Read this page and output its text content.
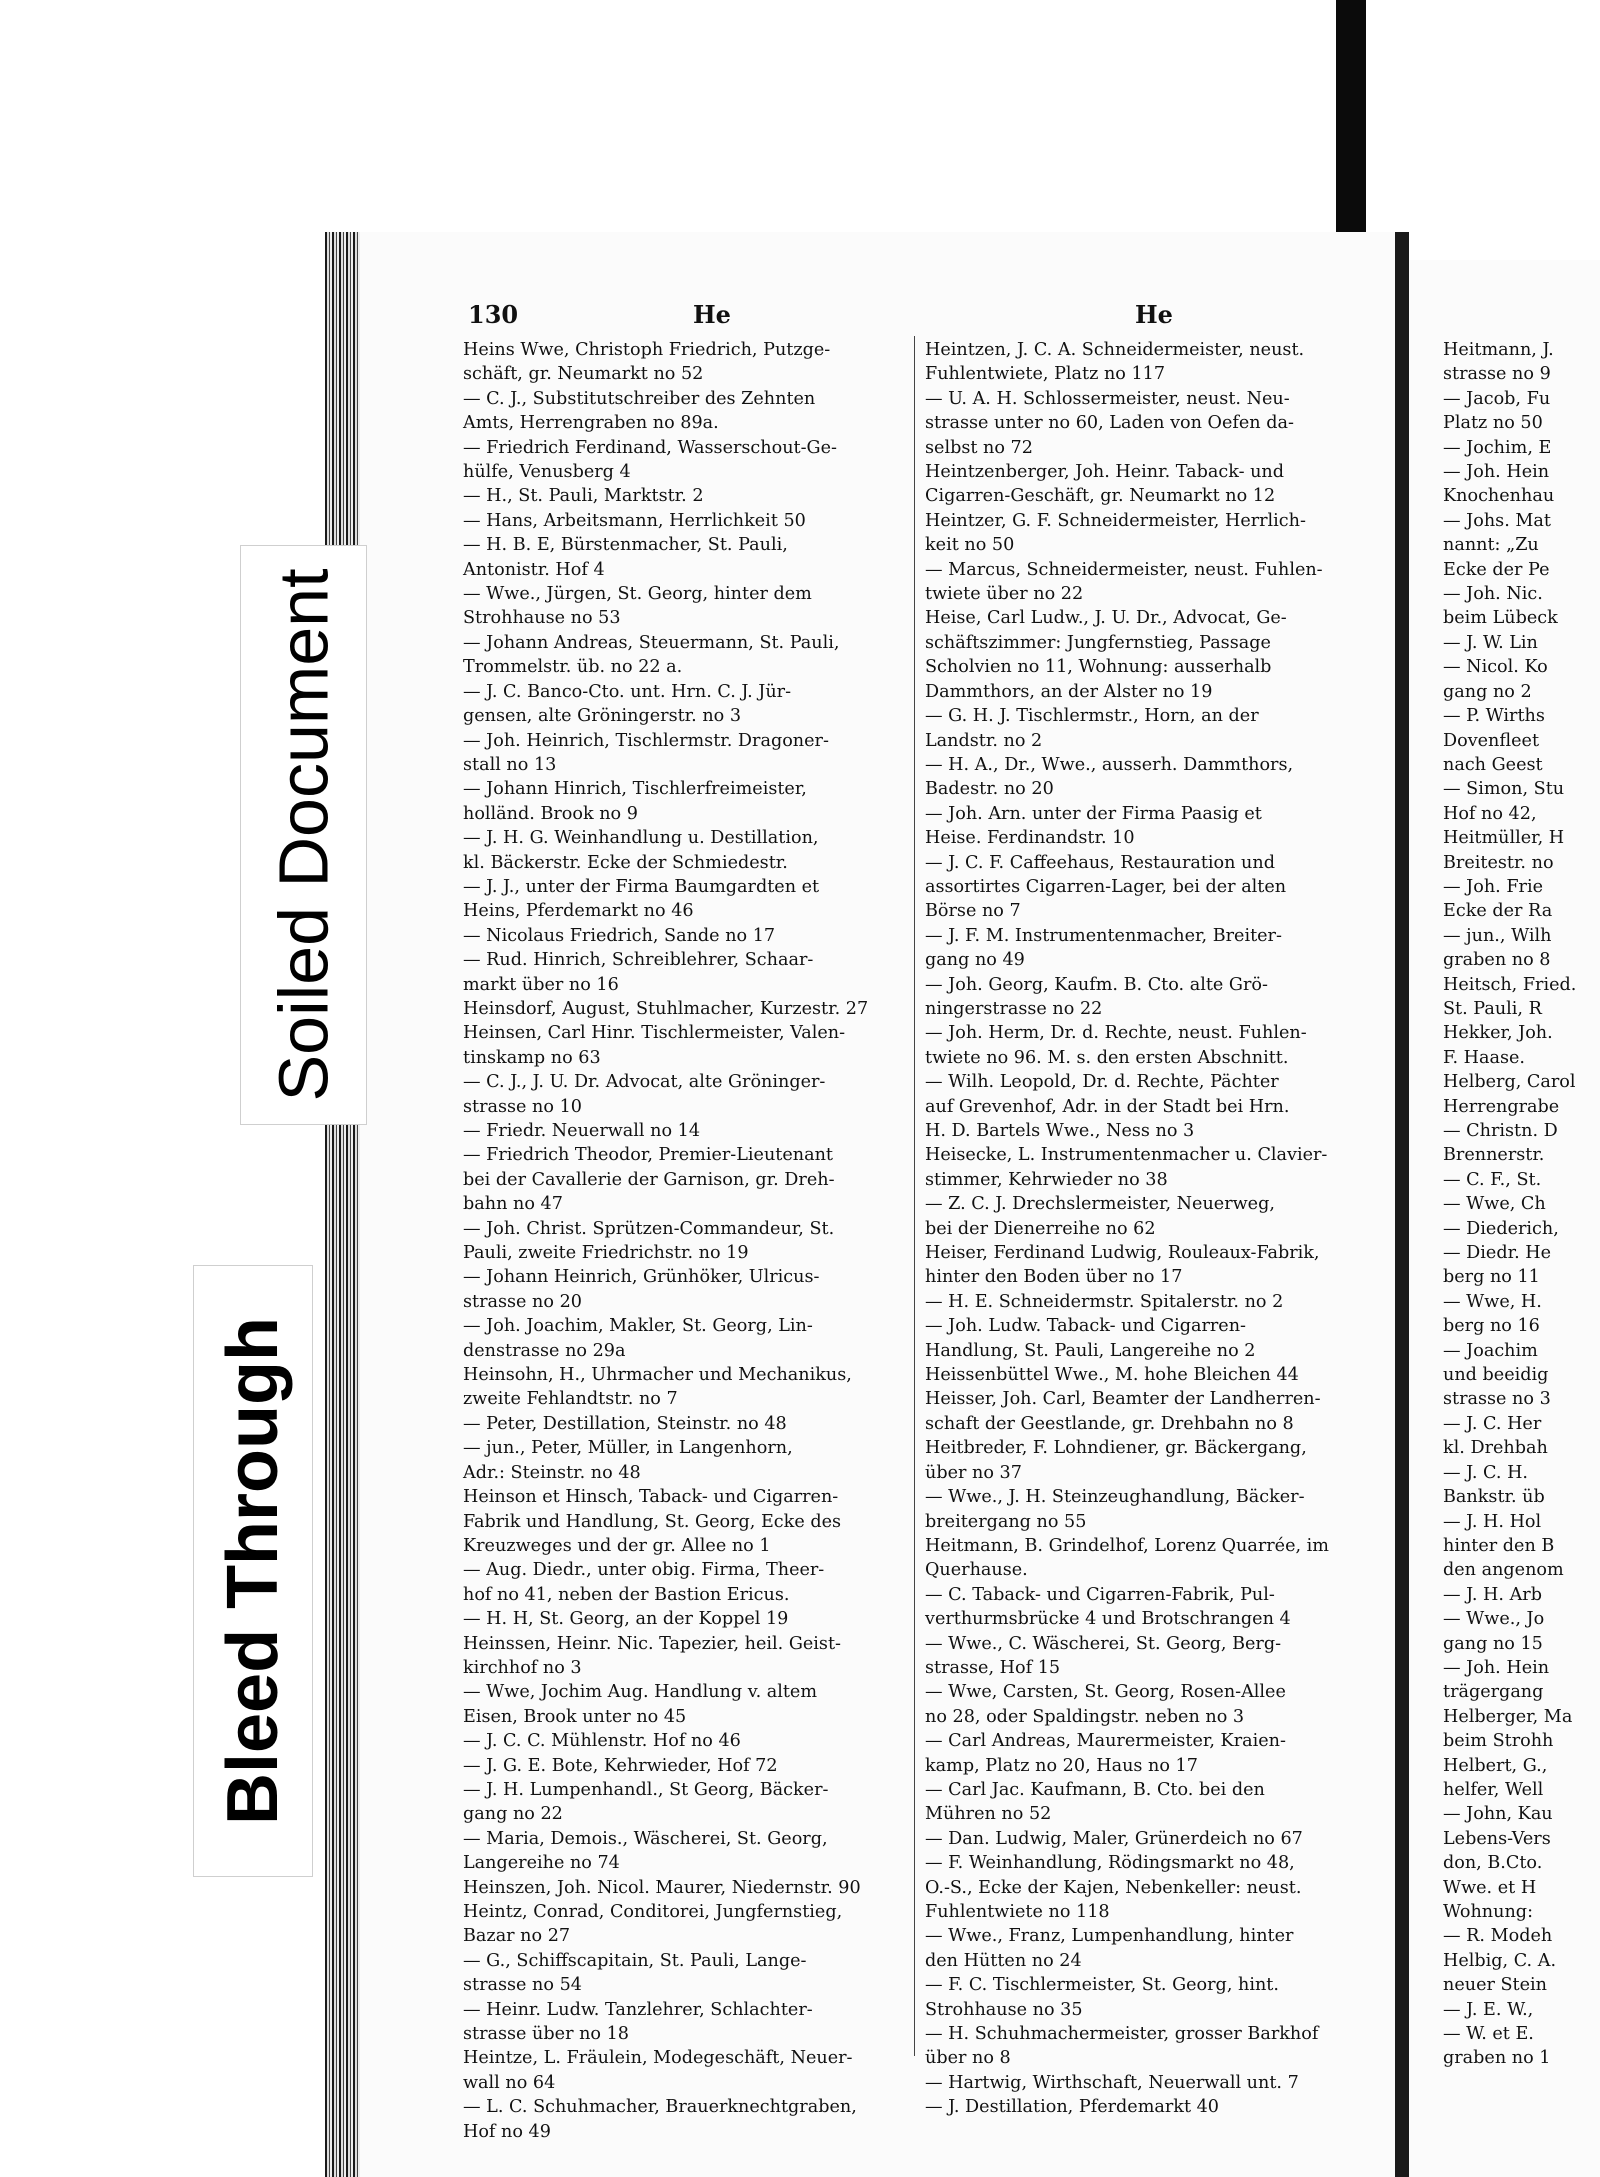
130	He	He
Heins Wwe, Christoph Friedrich, Putzge-
schäft, gr. Neumarkt no 52
— C. J., Substitutschreiber des Zehnten
Amts, Herrengraben no 89a.
— Friedrich Ferdinand, Wasserschout-Ge-
hülfe, Venusberg 4
— H., St. Pauli, Marktstr. 2
— Hans, Arbeitsmann, Herrlichkeit 50
— H. B. E, Bürstenmacher, St. Pauli,
Antonistr. Hof 4
— Wwe., Jürgen, St. Georg, hinter dem
Strohhause no 53
— Johann Andreas, Steuermann, St. Pauli,
Trommelstr. üb. no 22 a.
— J. C. Banco-Cto. unt. Hrn. C. J. Jür-
gensen, alte Gröningerstr. no 3
— Joh. Heinrich, Tischlermstr. Dragoner-
stall no 13
— Johann Hinrich, Tischlerfreimeister,
holländ. Brook no 9
— J. H. G. Weinhandlung u. Destillation,
kl. Bäckerstr. Ecke der Schmiedestr.
— J. J., unter der Firma Baumgardten et
Heins, Pferdemarkt no 46
— Nicolaus Friedrich, Sande no 17
— Rud. Hinrich, Schreiblehrer, Schaar-
markt über no 16
Heinsdorf, August, Stuhlmacher, Kurzestr. 27
Heinsen, Carl Hinr. Tischlermeister, Valen-
tinskamp no 63
— C. J., J. U. Dr. Advocat, alte Gröninger-
strasse no 10
— Friedr. Neuerwall no 14
— Friedrich Theodor, Premier-Lieutenant
bei der Cavallerie der Garnison, gr. Dreh-
bahn no 47
— Joh. Christ. Sprützen-Commandeur, St.
Pauli, zweite Friedrichstr. no 19
— Johann Heinrich, Grünhöker, Ulricus-
strasse no 20
— Joh. Joachim, Makler, St. Georg, Lin-
denstrasse no 29a
Heinsohn, H., Uhrmacher und Mechanikus,
zweite Fehlandtstr. no 7
— Peter, Destillation, Steinstr. no 48
— jun., Peter, Müller, in Langenhorn,
Adr.: Steinstr. no 48
Heinson et Hinsch, Taback- und Cigarren-
Fabrik und Handlung, St. Georg, Ecke des
Kreuzweges und der gr. Allee no 1
— Aug. Diedr., unter obig. Firma, Theer-
hof no 41, neben der Bastion Ericus.
— H. H, St. Georg, an der Koppel 19
Heinssen, Heinr. Nic. Tapezier, heil. Geist-
kirchhof no 3
— Wwe, Jochim Aug. Handlung v. altem
Eisen, Brook unter no 45
— J. C. C. Mühlenstr. Hof no 46
— J. G. E. Bote, Kehrwieder, Hof 72
— J. H. Lumpenhandl., St Georg, Bäcker-
gang no 22
— Maria, Demois., Wäscherei, St. Georg,
Langereihe no 74
Heinszen, Joh. Nicol. Maurer, Niedernstr. 90
Heintz, Conrad, Conditorei, Jungfernstieg,
Bazar no 27
— G., Schiffscapitain, St. Pauli, Lange-
strasse no 54
— Heinr. Ludw. Tanzlehrer, Schlachter-
strasse über no 18
Heintze, L. Fräulein, Modegeschäft, Neuer-
wall no 64
— L. C. Schuhmacher, Brauerknechtgraben,
Hof no 49
Heintzen, J. C. A. Schneidermeister, neust.
Fuhlentwiete, Platz no 117
— U. A. H. Schlossermeister, neust. Neu-
strasse unter no 60, Laden von Oefen da-
selbst no 72
Heintzenberger, Joh. Heinr. Taback- und
Cigarren-Geschäft, gr. Neumarkt no 12
Heintzer, G. F. Schneidermeister, Herrlich-
keit no 50
— Marcus, Schneidermeister, neust. Fuhlen-
twiete über no 22
Heise, Carl Ludw., J. U. Dr., Advocat, Ge-
schäftszimmer: Jungfernstieg, Passage
Scholvien no 11, Wohnung: ausserhalb
Dammthors, an der Alster no 19
— G. H. J. Tischlermstr., Horn, an der
Landstr. no 2
— H. A., Dr., Wwe., ausserh. Dammthors,
Badestr. no 20
— Joh. Arn. unter der Firma Paasig et
Heise. Ferdinandstr. 10
— J. C. F. Caffeehaus, Restauration und
assortirtes Cigarren-Lager, bei der alten
Börse no 7
— J. F. M. Instrumentenmacher, Breiter-
gang no 49
— Joh. Georg, Kaufm. B. Cto. alte Grö-
ningerstrasse no 22
— Joh. Herm, Dr. d. Rechte, neust. Fuhlen-
twiete no 96. M. s. den ersten Abschnitt.
— Wilh. Leopold, Dr. d. Rechte, Pächter
auf Grevenhof, Adr. in der Stadt bei Hrn.
H. D. Bartels Wwe., Ness no 3
Heisecke, L. Instrumentenmacher u. Clavier-
stimmer, Kehrwieder no 38
— Z. C. J. Drechslermeister, Neuerweg,
bei der Dienerreihe no 62
Heiser, Ferdinand Ludwig, Rouleaux-Fabrik,
hinter den Boden über no 17
— H. E. Schneidermstr. Spitalerstr. no 2
— Joh. Ludw. Taback- und Cigarren-
Handlung, St. Pauli, Langereihe no 2
Heissenbüttel Wwe., M. hohe Bleichen 44
Heisser, Joh. Carl, Beamter der Landherren-
schaft der Geestlande, gr. Drehbahn no 8
Heitbreder, F. Lohndiener, gr. Bäckergang,
über no 37
— Wwe., J. H. Steinzeughandlung, Bäcker-
breitergang no 55
Heitmann, B. Grindelhof, Lorenz Quarrée, im
Querhause.
— C. Taback- und Cigarren-Fabrik, Pul-
verthurmsbrücke 4 und Brotschrangen 4
— Wwe., C. Wäscherei, St. Georg, Berg-
strasse, Hof 15
— Wwe, Carsten, St. Georg, Rosen-Allee
no 28, oder Spaldingstr. neben no 3
— Carl Andreas, Maurermeister, Kraien-
kamp, Platz no 20, Haus no 17
— Carl Jac. Kaufmann, B. Cto. bei den
Mühren no 52
— Dan. Ludwig, Maler, Grünerdeich no 67
— F. Weinhandlung, Rödingsmarkt no 48,
O.-S., Ecke der Kajen, Nebenkeller: neust.
Fuhlentwiete no 118
— Wwe., Franz, Lumpenhandlung, hinter
den Hütten no 24
— F. C. Tischlermeister, St. Georg, hint.
Strohhause no 35
— H. Schuhmachermeister, grosser Barkhof
über no 8
— Hartwig, Wirthschaft, Neuerwall unt. 7
— J. Destillation, Pferdemarkt 40
Heitmann, J.
strasse no 9
— Jacob, Fu
Platz no 50
— Jochim, E
— Joh. Hein
Knochenhau
— Johs. Mat
nannt: „Zu
Ecke der Pe
— Joh. Nic.
beim Lübeck
— J. W. Lin
— Nicol. Ko
gang no 2
— P. Wirths
Dovenfleet
nach Geest
— Simon, Stu
Hof no 42,
Heitmüller, H
Breitestr. no
— Joh. Frie
Ecke der Ra
— jun., Wilh
graben no 8
Heitsch, Fried.
St. Pauli, R
Hekker, Joh.
F. Haase.
Helberg, Carol
Herrengrabe
— Christn. D
Brennerstr.
— C. F., St.
— Wwe, Ch
— Diederich,
— Diedr. He
berg no 11
— Wwe, H.
berg no 16
— Joachim
und beeidig
strasse no 3
— J. C. Her
kl. Drehbah
— J. C. H.
Bankstr. üb
— J. H. Hol
hinter den B
den angenom
— J. H. Arb
— Wwe., Jo
gang no 15
— Joh. Hein
trägergang
Helberger, Ma
beim Strohh
Helbert, G.,
helfer, Well
— John, Kau
Lebens-Vers
don, B.Cto.
Wwe. et H
Wohnung:
— R. Modeh
Helbig, C. A.
neuer Stein
— J. E. W.,
— W. et E.
graben no 1
Soiled Document
Bleed Through
